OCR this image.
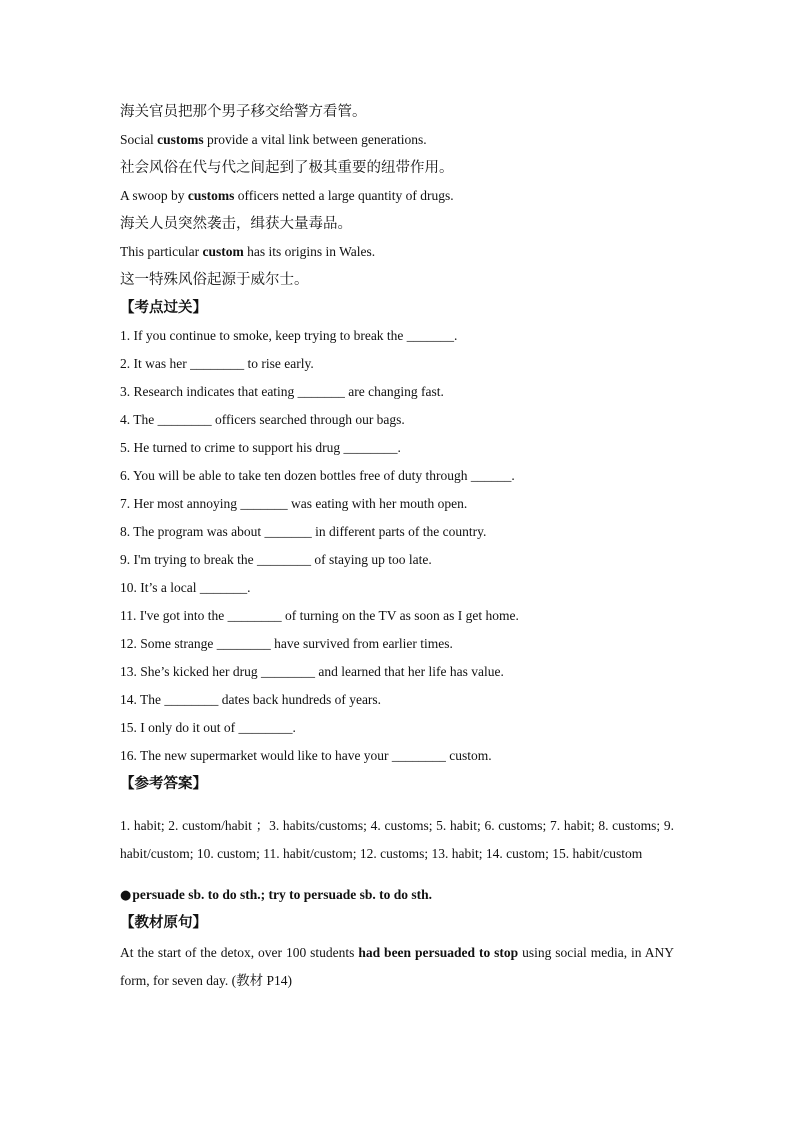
海关官员把那个男子移交给警方看管。

Social customs provide a vital link between generations.

社会风俗在代与代之间起到了极其重要的纽带作用。

A swoop by customs officers netted a large quantity of drugs.

海关人员突然袭击，缉获大量毒品。

This particular custom has its origins in Wales.

这一特殊风俗起源于威尔士。

【考点过关】

1. If you continue to smoke, keep trying to break the _______.

2. It was her ________ to rise early.

3. Research indicates that eating _______ are changing fast.

4. The ________ officers searched through our bags.

5. He turned to crime to support his drug ________.

6. You will be able to take ten dozen bottles free of duty through ______.

7. Her most annoying _______ was eating with her mouth open.

8. The program was about _______ in different parts of the country.

9. I'm trying to break the ________ of staying up too late.

10. It’s a local _______.

11. I've got into the ________ of turning on the TV as soon as I get home.

12. Some strange ________ have survived from earlier times.

13. She’s kicked her drug ________ and learned that her life has value.

14. The ________ dates back hundreds of years.

15. I only do it out of ________.

16. The new supermarket would like to have your ________ custom.

【参考答案】

1. habit; 2. custom/habit ；3. habits/customs; 4. customs; 5. habit; 6. customs; 7. habit; 8. customs; 9. habit/custom; 10. custom; 11. habit/custom; 12. customs; 13. habit; 14. custom; 15. habit/custom

●persuade sb. to do sth.; try to persuade sb. to do sth.

【教材原句】

At the start of the detox, over 100 students had been persuaded to stop using social media, in ANY form, for seven day. (教材 P14)
